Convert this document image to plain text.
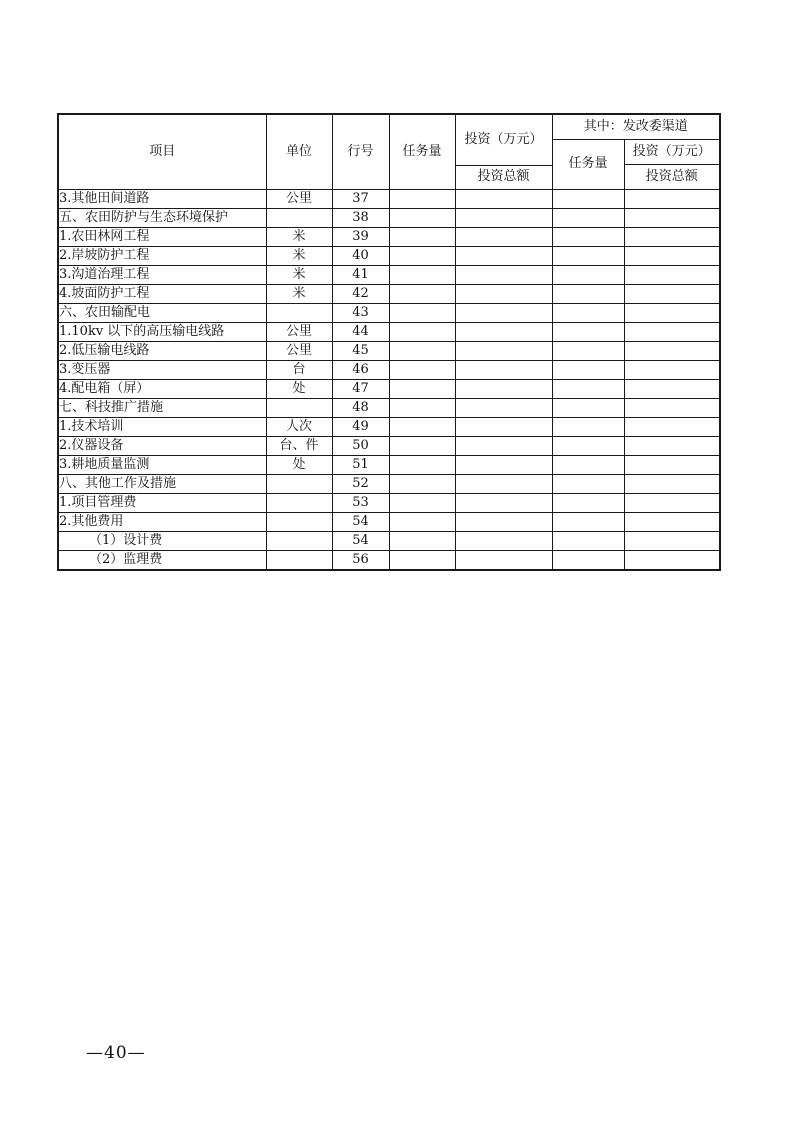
项目	单位	行号	任务量	投资（万元）	其中：发改委渠道	
					任务量	投资（万元）
						投资总额
				投资总额		
3.其他田间道路	公里	37				
五、农田防护与生态环境保护		38				
1.农田林网工程	米	39				
2.岸坡防护工程	米	40				
3.沟道治理工程	米	41				
4.坡面防护工程	米	42				
六、农田输配电		43				
1.10kv 以下的高压输电线路	公里	44				
2.低压输电线路	公里	45				
3.变压器	台	46				
4.配电箱（屏）	处	47				
七、科技推广措施		48				
1.技术培训	人次	49				
2.仪器设备	台、件	50				
3.耕地质量监测	处	51				
八、其他工作及措施		52				
1.项目管理费		53				
2.其他费用		54				
（1）设计费		54				
（2）监理费		56				
—40—
